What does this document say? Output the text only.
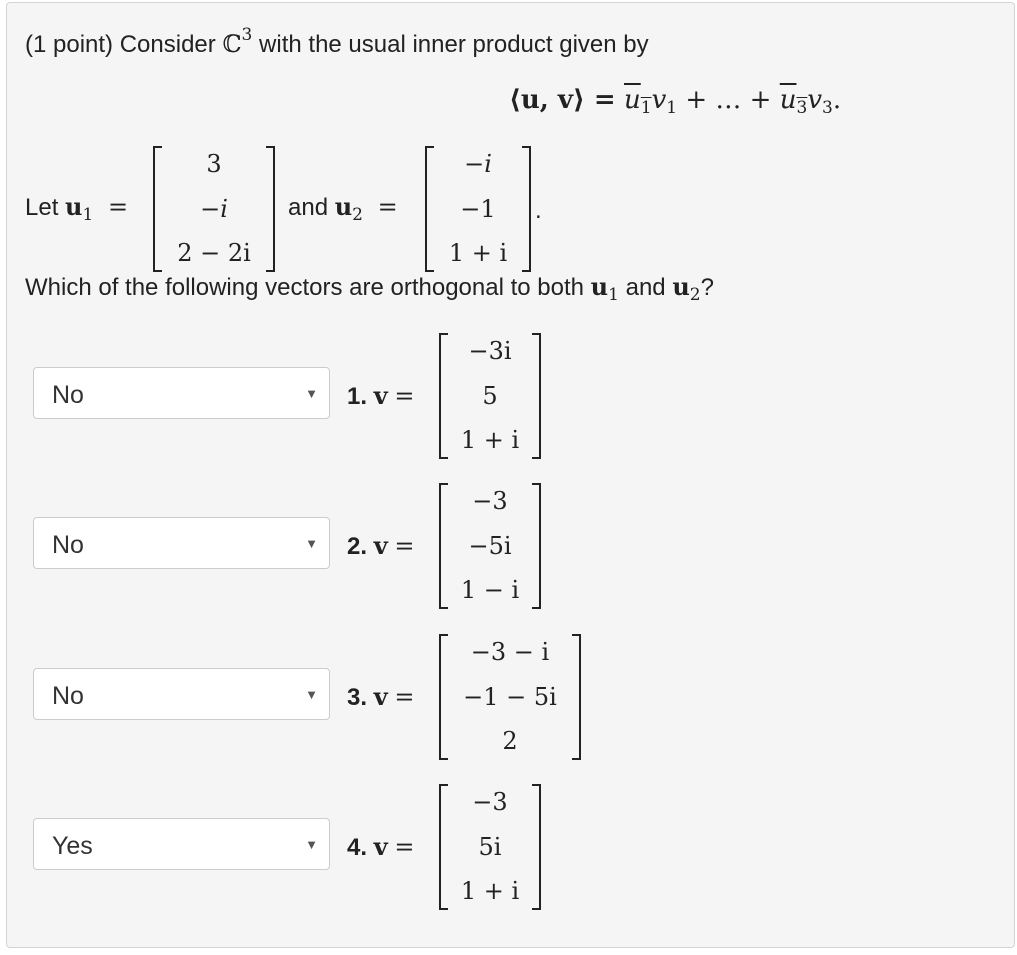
(1 point) Consider ℂ$^3$ with the usual inner product given by
⟨u, v⟩ = $\overline{u}_1v_1$ + … + $\overline{u}_3v_3$.
Let $u_1$ =
3
−i
2 − 2i
and $u_2$ =
−i
−1
1 + i
.
Which of the following vectors are orthogonal to both $u_1$ and $u_2$?
No	▼ 1. v =
−3i
5
1 + i
No	▼ 2. v =
−3
−5i
1 − i
No	▼ 3. v =
−3 − i
−1 − 5i
2
Yes	▼ 4. v =
−3
5i
1 + i
